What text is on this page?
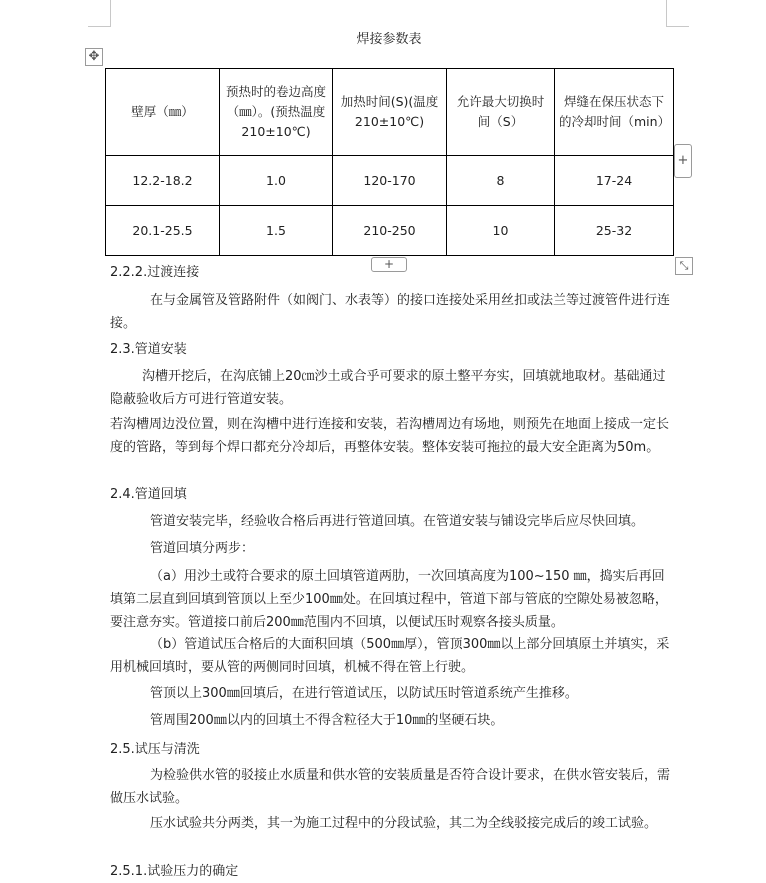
焊接参数表
✥
壁厚（㎜）	预热时的卷边高度（㎜）。(预热温度 210±10℃)	加热时间(S)(温度 210±10℃)	允许最大切换时间（S）	焊缝在保压状态下的冷却时间（min）
12.2-18.2	1.0	120-170	8	17-24
20.1-25.5	1.5	210-250	10	25-32
+
+	⤡

2.2.2.过渡连接

在与金属管及管路附件（如阀门、水表等）的接口连接处采用丝扣或法兰等过渡管件进行连接。

2.3.管道安装

沟槽开挖后，在沟底铺上20㎝沙土或合乎可要求的原土整平夯实，回填就地取材。基础通过隐蔽验收后方可进行管道安装。

若沟槽周边没位置，则在沟槽中进行连接和安装，若沟槽周边有场地，则预先在地面上接成一定长度的管路，等到每个焊口都充分冷却后，再整体安装。整体安装可拖拉的最大安全距离为50m。

2.4.管道回填

管道安装完毕，经验收合格后再进行管道回填。在管道安装与铺设完毕后应尽快回填。

管道回填分两步：

（a）用沙土或符合要求的原土回填管道两肋，一次回填高度为100~150 ㎜，捣实后再回填第二层直到回填到管顶以上至少100㎜处。在回填过程中，管道下部与管底的空隙处易被忽略，要注意夯实。管道接口前后200㎜范围内不回填，以便试压时观察各接头质量。

（b）管道试压合格后的大面积回填（500㎜厚），管顶300㎜以上部分回填原土并填实，采用机械回填时，要从管的两侧同时回填，机械不得在管上行驶。

管顶以上300㎜回填后，在进行管道试压，以防试压时管道系统产生推移。

管周围200㎜以内的回填土不得含粒径大于10㎜的坚硬石块。

2.5.试压与清洗

为检验供水管的驳接止水质量和供水管的安装质量是否符合设计要求，在供水管安装后，需做压水试验。

压水试验共分两类，其一为施工过程中的分段试验，其二为全线驳接完成后的竣工试验。

2.5.1.试验压力的确定
